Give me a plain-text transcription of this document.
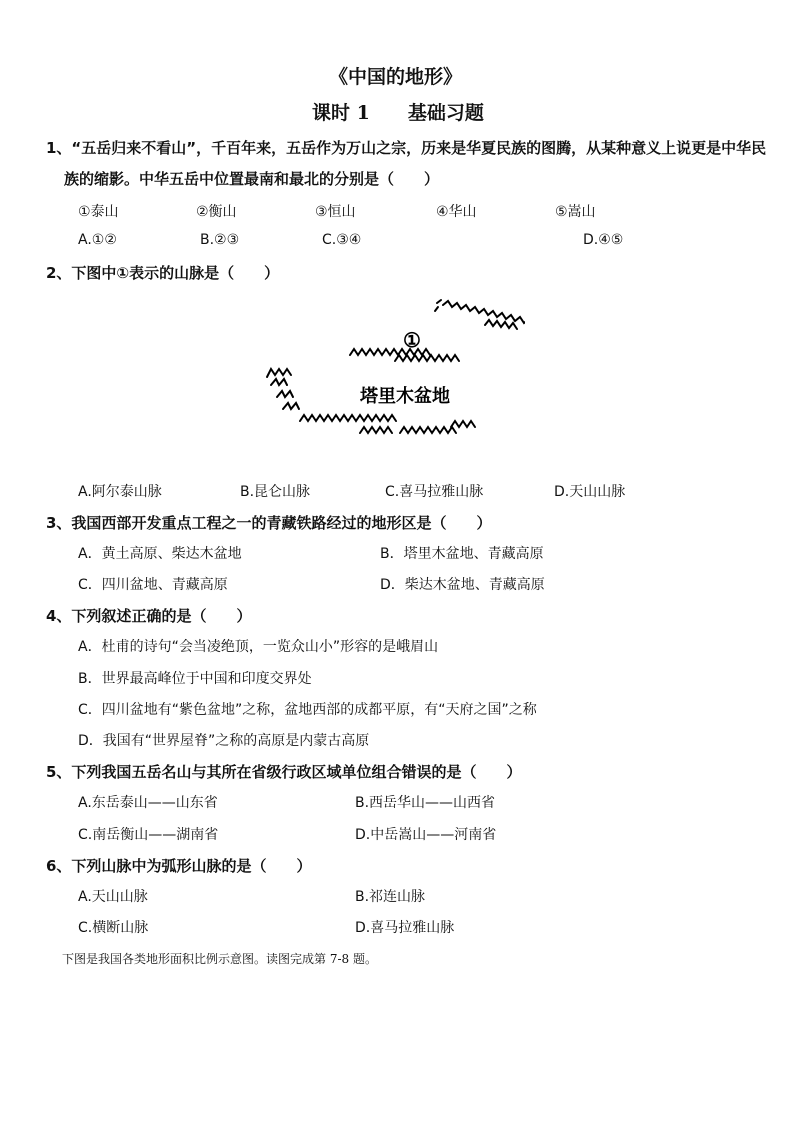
《中国的地形》
课时 1　　基础习题
1、“五岳归来不看山”，千百年来，五岳作为万山之宗，历来是华夏民族的图腾，从某种意义上说更是中华民
族的缩影。中华五岳中位置最南和最北的分别是（　　）
①泰山	②衡山	③恒山	④华山	⑤嵩山
A.①②	B.②③	C.③④	D.④⑤
2、下图中①表示的山脉是（　　）
①
塔里木盆地
A.阿尔泰山脉	B.昆仑山脉	C.喜马拉雅山脉	D.天山山脉
3、我国西部开发重点工程之一的青藏铁路经过的地形区是（　　）
A．黄土高原、柴达木盆地	B．塔里木盆地、青藏高原
C．四川盆地、青藏高原	D．柴达木盆地、青藏高原
4、下列叙述正确的是（　　）
A．杜甫的诗句“会当凌绝顶，一览众山小”形容的是峨眉山
B．世界最高峰位于中国和印度交界处
C．四川盆地有“紫色盆地”之称，盆地西部的成都平原，有“天府之国”之称
D．我国有“世界屋脊”之称的高原是内蒙古高原
5、下列我国五岳名山与其所在省级行政区域单位组合错误的是（　　）
A.东岳泰山——山东省	B.西岳华山——山西省
C.南岳衡山——湖南省	D.中岳嵩山——河南省
6、下列山脉中为弧形山脉的是（　　）
A.天山山脉	B.祁连山脉
C.横断山脉	D.喜马拉雅山脉
下图是我国各类地形面积比例示意图。读图完成第 7-8 题。
